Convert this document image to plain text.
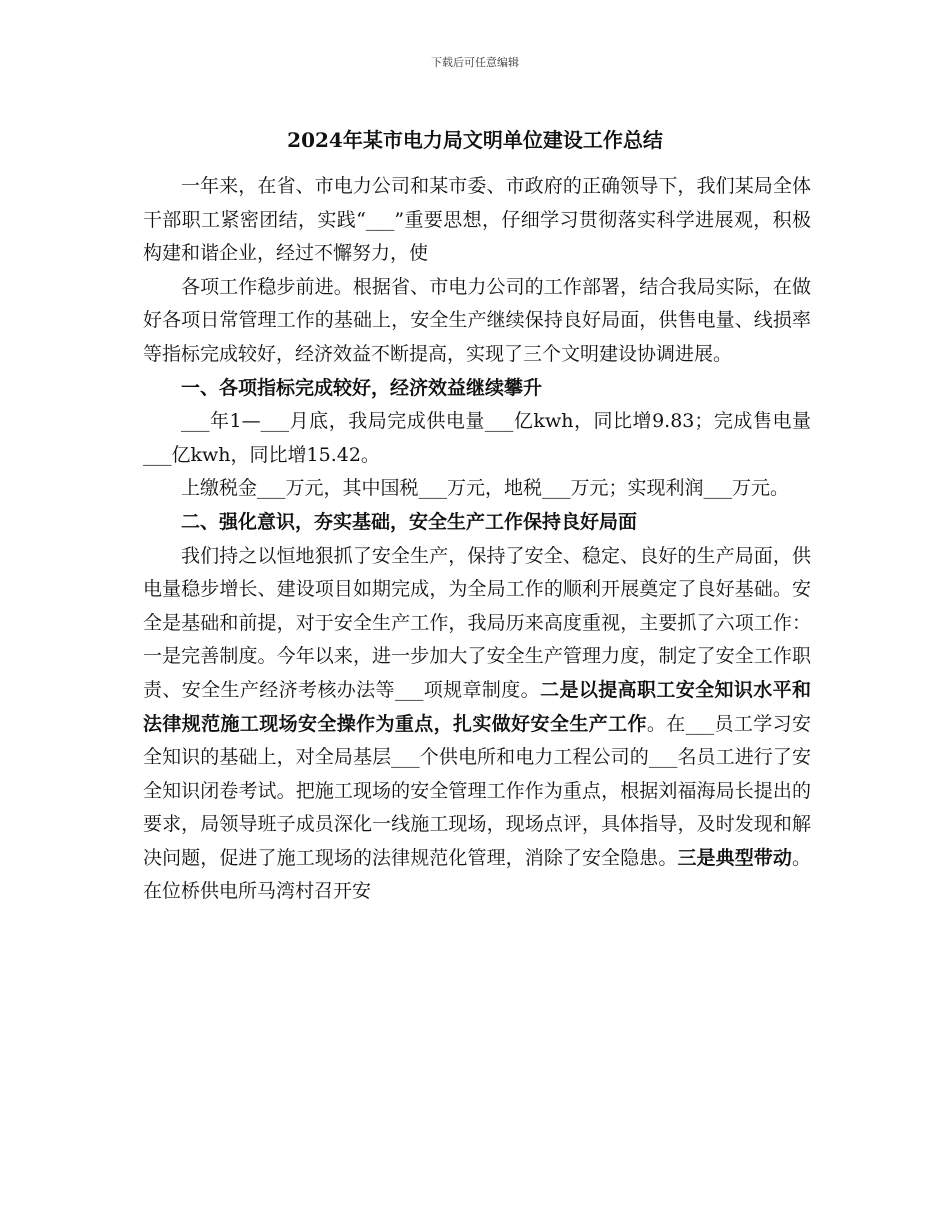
下载后可任意编辑
2024年某市电力局文明单位建设工作总结

一年来，在省、市电力公司和某市委、市政府的正确领导下，我们某局全体干部职工紧密团结，实践“___”重要思想，仔细学习贯彻落实科学进展观，积极构建和谐企业，经过不懈努力，使

各项工作稳步前进。根据省、市电力公司的工作部署，结合我局实际，在做好各项日常管理工作的基础上，安全生产继续保持良好局面，供售电量、线损率等指标完成较好，经济效益不断提高，实现了三个文明建设协调进展。

一、各项指标完成较好，经济效益继续攀升

___年1—___月底，我局完成供电量___亿kwh，同比增9.83；完成售电量___亿kwh，同比增15.42。

上缴税金___万元，其中国税___万元，地税___万元；实现利润___万元。

二、强化意识，夯实基础，安全生产工作保持良好局面

我们持之以恒地狠抓了安全生产，保持了安全、稳定、良好的生产局面，供电量稳步增长、建设项目如期完成，为全局工作的顺利开展奠定了良好基础。安全是基础和前提，对于安全生产工作，我局历来高度重视，主要抓了六项工作：一是完善制度。今年以来，进一步加大了安全生产管理力度，制定了安全工作职责、安全生产经济考核办法等___项规章制度。二是以提高职工安全知识水平和法律规范施工现场安全操作为重点，扎实做好安全生产工作。在___员工学习安全知识的基础上，对全局基层___个供电所和电力工程公司的___名员工进行了安全知识闭卷考试。把施工现场的安全管理工作作为重点，根据刘福海局长提出的要求，局领导班子成员深化一线施工现场，现场点评，具体指导，及时发现和解决问题，促进了施工现场的法律规范化管理，消除了安全隐患。三是典型带动。在位桥供电所马湾村召开安
